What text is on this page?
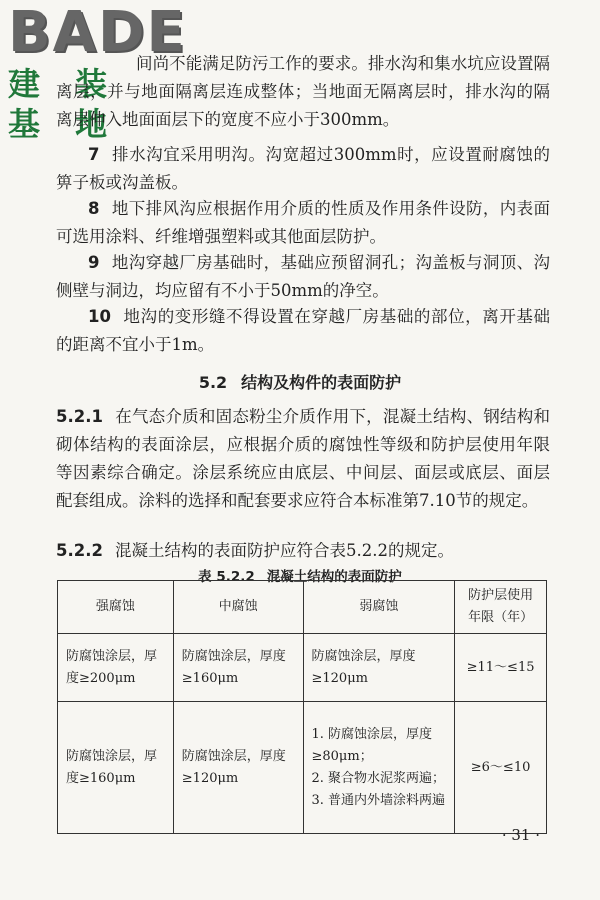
BADE
建 装 基 地

间尚不能满足防污工作的要求。排水沟和集水坑应设置隔离层，并与地面隔离层连成整体；当地面无隔离层时，排水沟的隔离层伸入地面面层下的宽度不应小于300mm。

7 排水沟宜采用明沟。沟宽超过300mm时，应设置耐腐蚀的箅子板或沟盖板。

8 地下排风沟应根据作用介质的性质及作用条件设防，内表面可选用涂料、纤维增强塑料或其他面层防护。

9 地沟穿越厂房基础时，基础应预留洞孔；沟盖板与洞顶、沟侧壁与洞边，均应留有不小于50mm的净空。

10 地沟的变形缝不得设置在穿越厂房基础的部位，离开基础的距离不宜小于1m。

5.2 结构及构件的表面防护

5.2.1 在气态介质和固态粉尘介质作用下，混凝土结构、钢结构和砌体结构的表面涂层，应根据介质的腐蚀性等级和防护层使用年限等因素综合确定。涂层系统应由底层、中间层、面层或底层、面层配套组成。涂料的选择和配套要求应符合本标准第7.10节的规定。

5.2.2 混凝土结构的表面防护应符合表5.2.2的规定。

表 5.2.2 混凝土结构的表面防护
强腐蚀	中腐蚀	弱腐蚀	防护层使用年限（年）
防腐蚀涂层，厚度≥200μm	防腐蚀涂层，厚度≥160μm	防腐蚀涂层，厚度≥120μm	≥11～≤15
防腐蚀涂层，厚度≥160μm	防腐蚀涂层，厚度≥120μm	1. 防腐蚀涂层，厚度≥80μm；
2. 聚合物水泥浆两遍；
3. 普通内外墙涂料两遍	≥6～≤10
· 31 ·
